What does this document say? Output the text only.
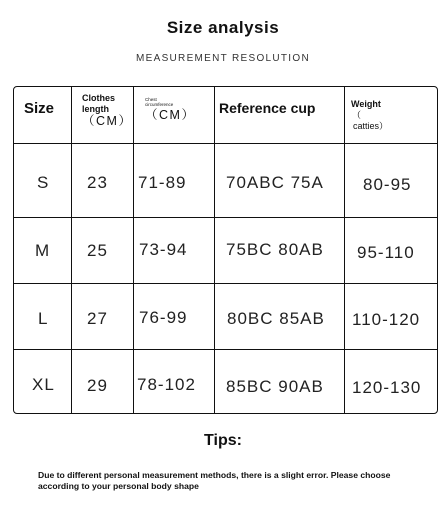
Size analysis
MEASUREMENT RESOLUTION
Size
Clothes
length
（CM）
Chest
circumference
（CM） Reference cup	Weight
（
catties）
S 23 71-89 70ABC 75A 80-95
M 25 73-94 75BC 80AB 95-110
L 27 76-99 80BC 85AB 110-120
XL 29 78-102 85BC 90AB 120-130
Tips:
Due to different personal measurement methods, there is a slight error. Please choose according to your personal body shape
